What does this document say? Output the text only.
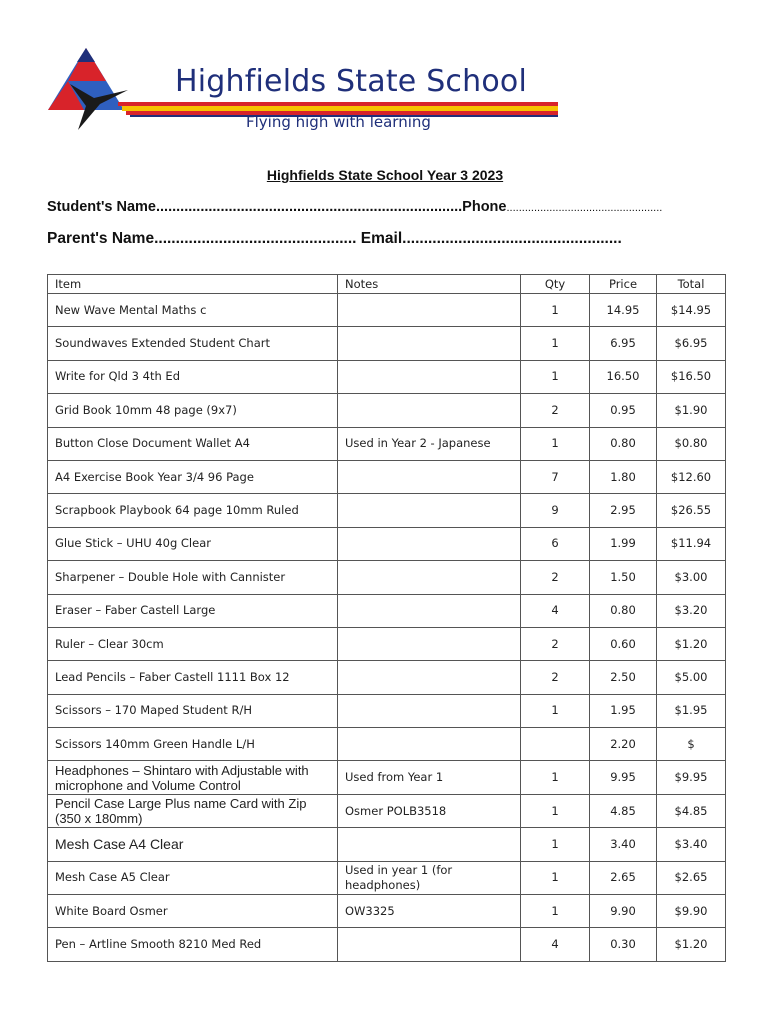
Highfields State School
Flying high with learning
Highfields State School Year 3 2023
Student's Name............................................................................Phone...................................................
Parent's Name............................................... Email...................................................
Item	Notes	Qty	Price	Total
New Wave Mental Maths c		1	14.95	$14.95
Soundwaves Extended Student Chart		1	6.95	$6.95
Write for Qld 3 4th Ed		1	16.50	$16.50
Grid Book 10mm 48 page (9x7)		2	0.95	$1.90
Button Close Document Wallet A4	Used in Year 2 - Japanese	1	0.80	$0.80
A4 Exercise Book Year 3/4 96 Page		7	1.80	$12.60
Scrapbook Playbook 64 page 10mm Ruled		9	2.95	$26.55
Glue Stick – UHU 40g Clear		6	1.99	$11.94
Sharpener – Double Hole with Cannister		2	1.50	$3.00
Eraser – Faber Castell Large		4	0.80	$3.20
Ruler – Clear 30cm		2	0.60	$1.20
Lead Pencils – Faber Castell 1111 Box 12		2	2.50	$5.00
Scissors – 170 Maped Student R/H		1	1.95	$1.95
Scissors 140mm Green Handle L/H			2.20	$
Headphones – Shintaro with Adjustable with microphone and Volume Control	Used from Year 1	1	9.95	$9.95
Pencil Case Large Plus name Card with Zip (350 x 180mm)	Osmer POLB3518	1	4.85	$4.85
Mesh Case A4 Clear		1	3.40	$3.40
Mesh Case A5 Clear	Used in year 1 (for headphones)	1	2.65	$2.65
White Board Osmer	OW3325	1	9.90	$9.90
Pen – Artline Smooth 8210 Med Red		4	0.30	$1.20
